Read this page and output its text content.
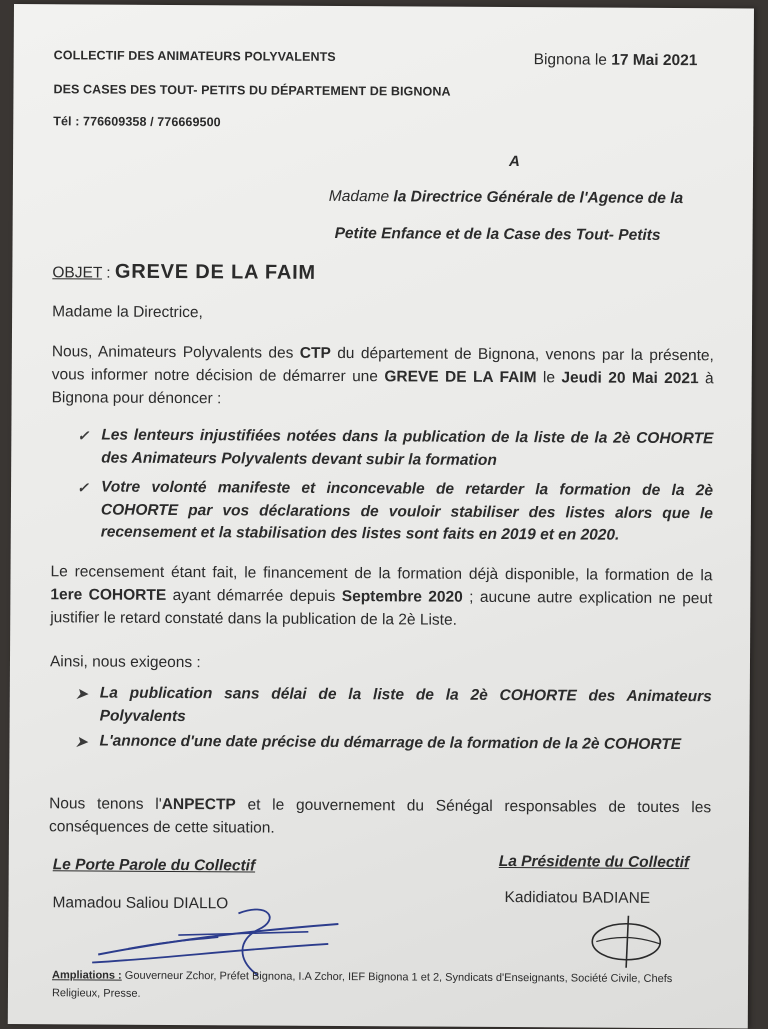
COLLECTIF DES ANIMATEURS POLYVALENTS
DES CASES DES TOUT- PETITS DU DÉPARTEMENT DE BIGNONA
Tél : 776609358 / 776669500
Bignona le 17 Mai 2021
A
Madame la Directrice Générale de l'Agence de la
Petite Enfance et de la Case des Tout- Petits
OBJET : GREVE DE LA FAIM
Madame la Directrice,
Nous, Animateurs Polyvalents des CTP du département de Bignona, venons par la présente, vous informer notre décision de démarrer une GREVE DE LA FAIM le Jeudi 20 Mai 2021 à Bignona pour dénoncer :
✓ Les lenteurs injustifiées notées dans la publication de la liste de la 2è COHORTE des Animateurs Polyvalents devant subir la formation
✓ Votre volonté manifeste et inconcevable de retarder la formation de la 2è COHORTE par vos déclarations de vouloir stabiliser des listes alors que le recensement et la stabilisation des listes sont faits en 2019 et en 2020.
Le recensement étant fait, le financement de la formation déjà disponible, la formation de la 1ere COHORTE ayant démarrée depuis Septembre 2020 ; aucune autre explication ne peut justifier le retard constaté dans la publication de la 2è Liste.
Ainsi, nous exigeons :
➤ La publication sans délai de la liste de la 2è COHORTE des Animateurs Polyvalents
➤ L'annonce d'une date précise du démarrage de la formation de la 2è COHORTE
Nous tenons l'ANPECTP et le gouvernement du Sénégal responsables de toutes les conséquences de cette situation.
Le Porte Parole du Collectif
Mamadou Saliou DIALLO
La Présidente du Collectif
Kadidiatou BADIANE
Ampliations : Gouverneur Zchor, Préfet Bignona, I.A Zchor, IEF Bignona 1 et 2, Syndicats d'Enseignants, Société Civile, Chefs Religieux, Presse.
